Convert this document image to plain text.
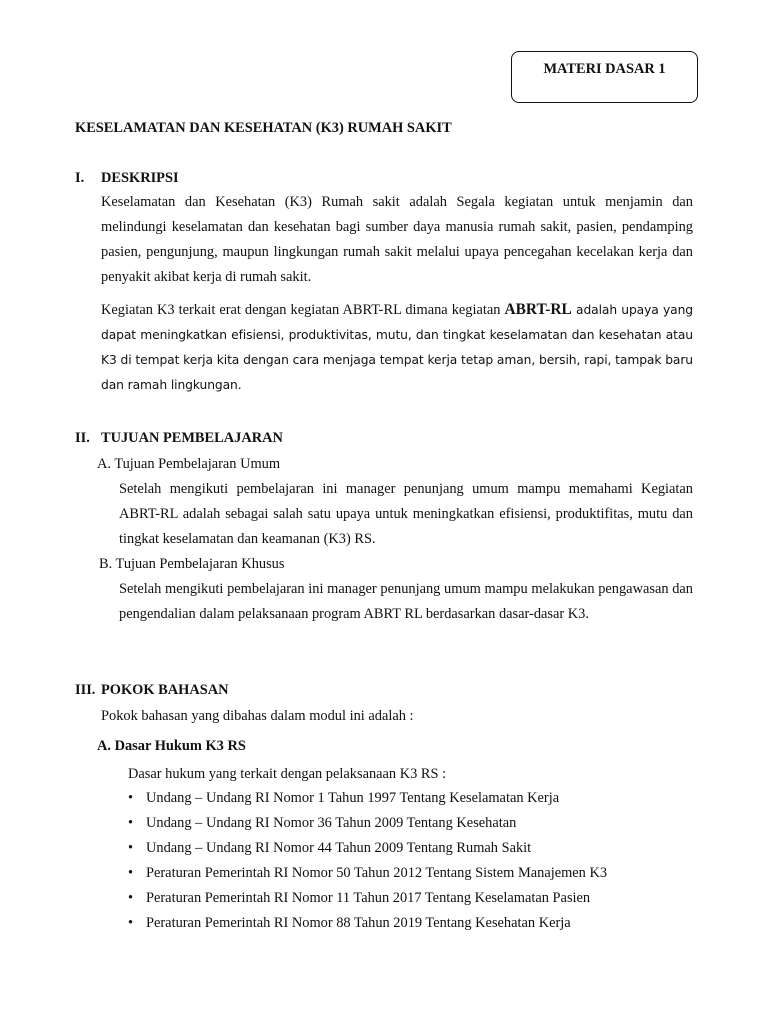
MATERI DASAR 1
KESELAMATAN DAN KESEHATAN (K3) RUMAH SAKIT
I. DESKRIPSI
Keselamatan dan Kesehatan (K3) Rumah sakit adalah Segala kegiatan untuk menjamin dan melindungi keselamatan dan kesehatan bagi sumber daya manusia rumah sakit, pasien, pendamping pasien, pengunjung, maupun lingkungan rumah sakit melalui upaya pencegahan kecelakan kerja dan penyakit akibat kerja di rumah sakit.
Kegiatan K3 terkait erat dengan kegiatan ABRT-RL dimana kegiatan ABRT-RL adalah upaya yang dapat meningkatkan efisiensi, produktivitas, mutu, dan tingkat keselamatan dan kesehatan atau K3 di tempat kerja kita dengan cara menjaga tempat kerja tetap aman, bersih, rapi, tampak baru dan ramah lingkungan.
II. TUJUAN PEMBELAJARAN
A. Tujuan Pembelajaran Umum
Setelah mengikuti pembelajaran ini manager penunjang umum mampu memahami Kegiatan ABRT-RL adalah sebagai salah satu upaya untuk meningkatkan efisiensi, produktifitas, mutu dan tingkat keselamatan dan keamanan (K3) RS.
B. Tujuan Pembelajaran Khusus
Setelah mengikuti pembelajaran ini manager penunjang umum mampu melakukan pengawasan dan pengendalian dalam pelaksanaan program ABRT RL berdasarkan dasar-dasar K3.
III. POKOK BAHASAN
Pokok bahasan yang dibahas dalam modul ini adalah :
A. Dasar Hukum K3 RS
Dasar hukum yang terkait dengan pelaksanaan K3 RS :
• Undang – Undang RI Nomor 1 Tahun 1997 Tentang Keselamatan Kerja
• Undang – Undang RI Nomor 36 Tahun 2009 Tentang Kesehatan
• Undang – Undang RI Nomor 44 Tahun 2009 Tentang Rumah Sakit
• Peraturan Pemerintah RI Nomor 50 Tahun 2012 Tentang Sistem Manajemen K3
• Peraturan Pemerintah RI Nomor 11 Tahun 2017 Tentang Keselamatan Pasien
• Peraturan Pemerintah RI Nomor 88 Tahun 2019 Tentang Kesehatan Kerja
